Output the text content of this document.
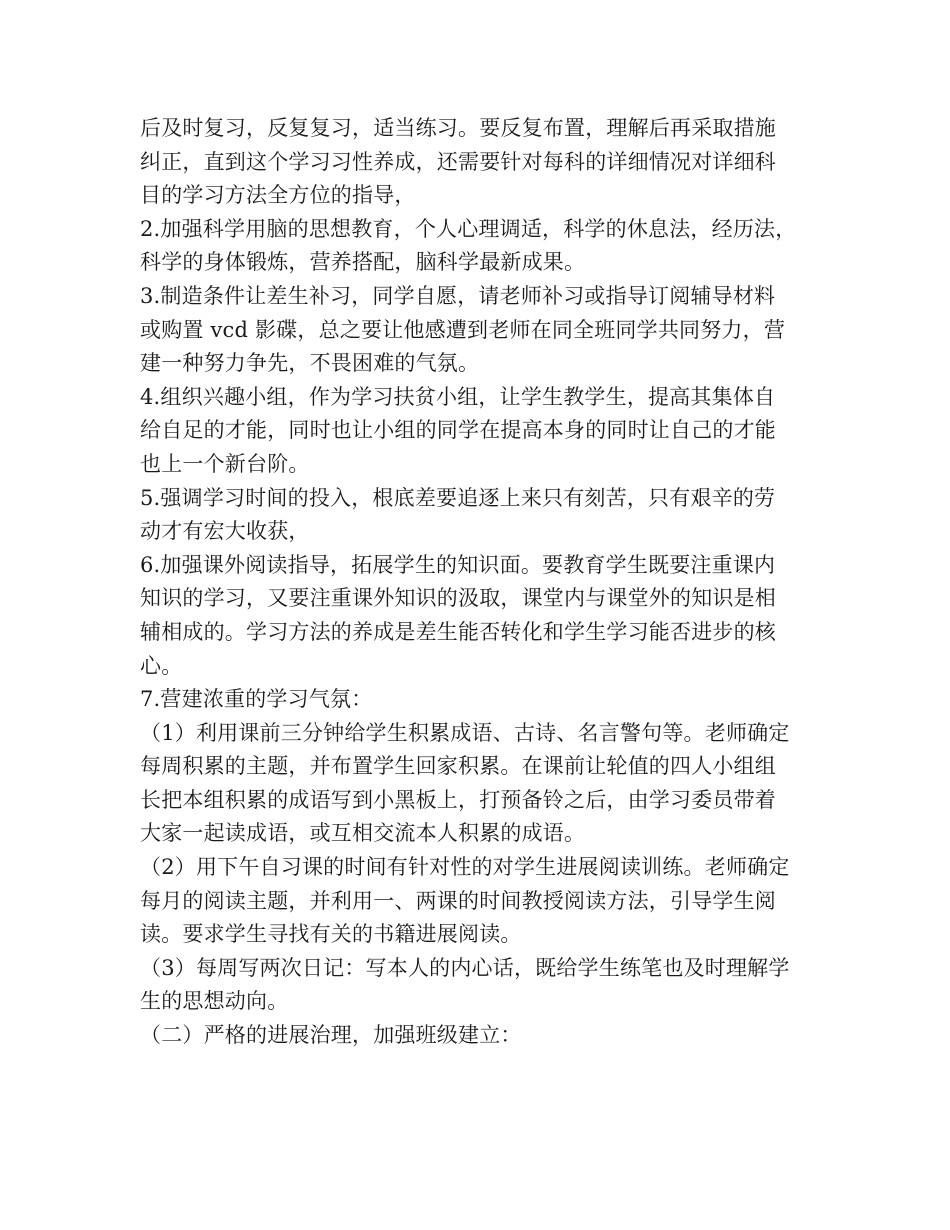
后及时复习，反复复习，适当练习。要反复布置，理解后再采取措施
纠正，直到这个学习习性养成，还需要针对每科的详细情况对详细科
目的学习方法全方位的指导，
2.加强科学用脑的思想教育，个人心理调适，科学的休息法，经历法，
科学的身体锻炼，营养搭配，脑科学最新成果。
3.制造条件让差生补习，同学自愿，请老师补习或指导订阅辅导材料
或购置 vcd 影碟，总之要让他感遭到老师在同全班同学共同努力，营
建一种努力争先，不畏困难的气氛。
4.组织兴趣小组，作为学习扶贫小组，让学生教学生，提高其集体自
给自足的才能，同时也让小组的同学在提高本身的同时让自己的才能
也上一个新台阶。
5.强调学习时间的投入，根底差要追逐上来只有刻苦，只有艰辛的劳
动才有宏大收获，
6.加强课外阅读指导，拓展学生的知识面。要教育学生既要注重课内
知识的学习，又要注重课外知识的汲取，课堂内与课堂外的知识是相
辅相成的。学习方法的养成是差生能否转化和学生学习能否进步的核
心。
7.营建浓重的学习气氛：
（1）利用课前三分钟给学生积累成语、古诗、名言警句等。老师确定
每周积累的主题，并布置学生回家积累。在课前让轮值的四人小组组
长把本组积累的成语写到小黑板上，打预备铃之后，由学习委员带着
大家一起读成语，或互相交流本人积累的成语。
（2）用下午自习课的时间有针对性的对学生进展阅读训练。老师确定
每月的阅读主题，并利用一、两课的时间教授阅读方法，引导学生阅
读。要求学生寻找有关的书籍进展阅读。
（3）每周写两次日记：写本人的内心话，既给学生练笔也及时理解学
生的思想动向。
（二）严格的进展治理，加强班级建立：
